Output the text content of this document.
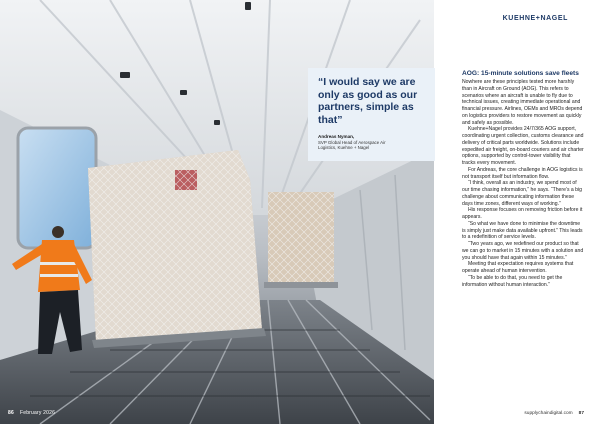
86 February 2026

“I would say we are only as good as our partners, simple as that”

Andreas Nyman,
SVP Global Head of Aerospace Air Logistics, Kuehne + Nagel
KUEHNE+NAGEL
AOG: 15-minute solutions save fleets

Nowhere are these principles tested more harshly than in Aircraft on Ground (AOG). This refers to scenarios where an aircraft is unable to fly due to technical issues, creating immediate operational and financial pressure. Airlines, OEMs and MROs depend on logistics providers to restore movement as quickly and safely as possible.

Kuehne+Nagel provides 24/7/365 AOG support, coordinating urgent collection, customs clearance and delivery of critical parts worldwide. Solutions include expedited air freight, on-board couriers and air charter options, supported by control-tower visibility that tracks every movement.

For Andreas, the core challenge in AOG logistics is not transport itself but information flow.

“I think, overall as an industry, we spend most of our time chasing information,” he says. “There’s a big challenge about communicating information these days time zones, different ways of working.”

His response focuses on removing friction before it appears.

“So what we have done to minimise the downtime is simply just make data available upfront.” This leads to a redefinition of service levels.

“Two years ago, we redefined our product so that we can go to market in 15 minutes with a solution and you should have that again within 15 minutes.”

Meeting that expectation requires systems that operate ahead of human intervention.

“To be able to do that, you need to get the information without human interaction.”

supplychaindigital.com 87
